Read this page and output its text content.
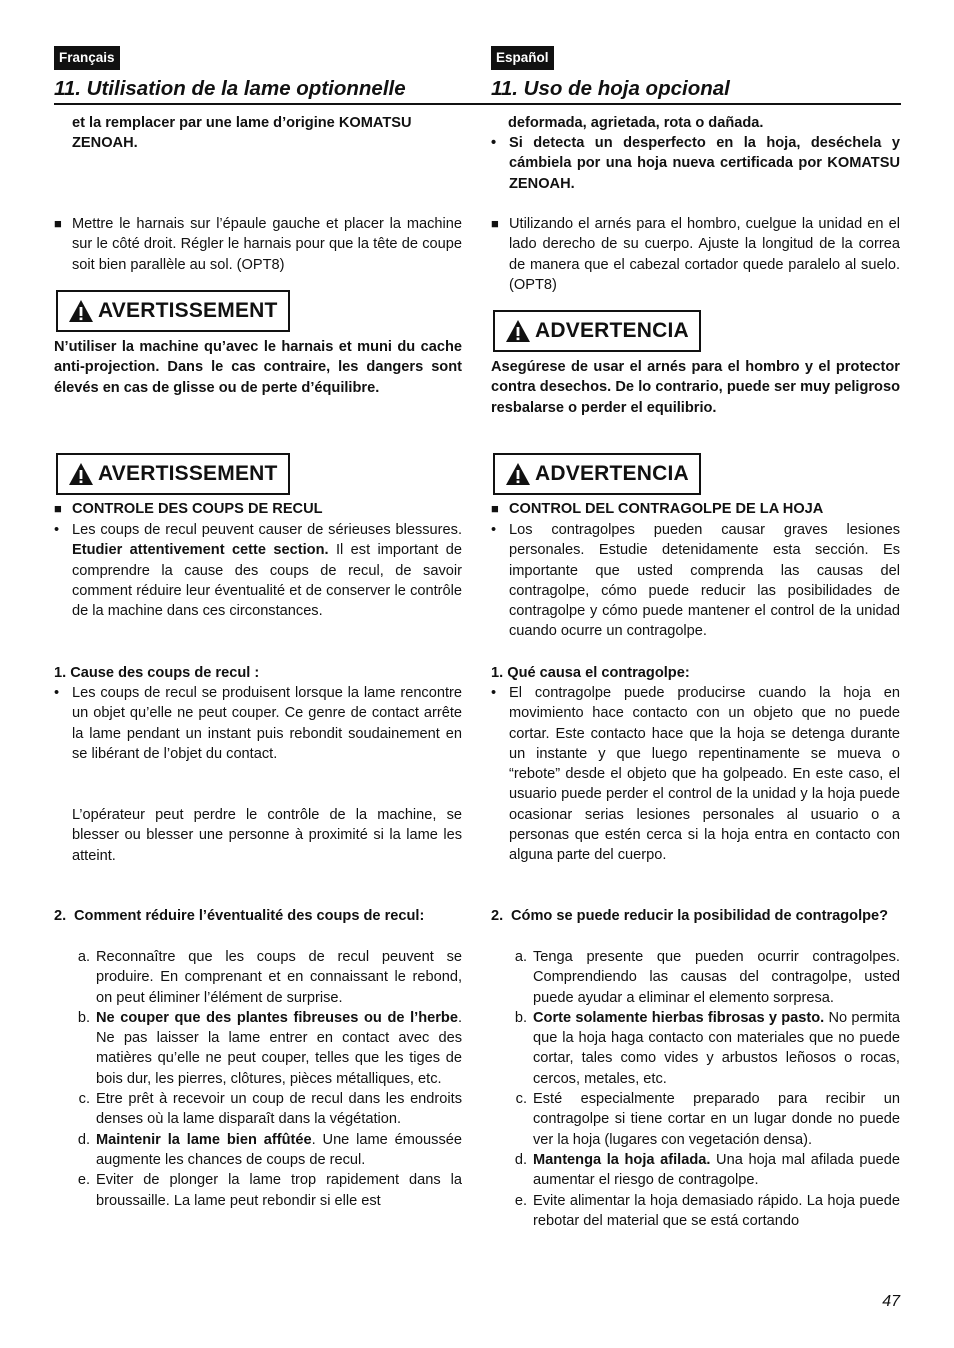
Français
11. Utilisation de la lame optionnelle
et la remplacer par une lame d’origine KOMATSU ZENOAH.
■ Mettre le harnais sur l’épaule gauche et placer la machine sur le côté droit. Régler le harnais pour que la tête de coupe soit bien parallèle au sol. (OPT8)
AVERTISSEMENT
N’utiliser la machine qu’avec le harnais et muni du cache anti-projection. Dans le cas contraire, les dangers sont élevés en cas de glisse ou de perte d’équilibre.
AVERTISSEMENT
■ CONTROLE DES COUPS DE RECUL
• Les coups de recul peuvent causer de sérieuses blessures. Etudier attentivement cette section. Il est important de comprendre la cause des coups de recul, de savoir comment réduire leur éventualité et de conserver le contrôle de la machine dans ces circonstances.
1. Cause des coups de recul :
• Les coups de recul se produisent lorsque la lame rencontre un objet qu’elle ne peut couper. Ce genre de contact arrête la lame pendant un instant puis rebondit soudainement en se libérant de l’objet du contact.
L’opérateur peut perdre le contrôle de la machine, se blesser ou blesser une personne à proximité si la lame les atteint.
2. Comment réduire l’éventualité des coups de recul:
a. Reconnaître que les coups de recul peuvent se produire. En comprenant et en connaissant le rebond, on peut éliminer l’élément de surprise.
b. Ne couper que des plantes fibreuses ou de l’herbe. Ne pas laisser la lame entrer en contact avec des matières qu’elle ne peut couper, telles que les tiges de bois dur, les pierres, clôtures, pièces métalliques, etc.
c. Etre prêt à recevoir un coup de recul dans les endroits denses où la lame disparaît dans la végétation.
d. Maintenir la lame bien affûtée. Une lame émoussée augmente les chances de coups de recul.
e. Eviter de plonger la lame trop rapidement dans la broussaille. La lame peut rebondir si elle est
Español
11. Uso de hoja opcional
deformada, agrietada, rota o dañada.
• Si detecta un desperfecto en la hoja, deséchela y cámbiela por una hoja nueva certificada por KOMATSU ZENOAH.
■ Utilizando el arnés para el hombro, cuelgue la unidad en el lado derecho de su cuerpo. Ajuste la longitud de la correa de manera que el cabezal cortador quede paralelo al suelo. (OPT8)
ADVERTENCIA
Asegúrese de usar el arnés para el hombro y el protector contra desechos. De lo contrario, puede ser muy peligroso resbalarse o perder el equilibrio.
ADVERTENCIA
■ CONTROL DEL CONTRAGOLPE DE LA HOJA
• Los contragolpes pueden causar graves lesiones personales. Estudie detenidamente esta sección. Es importante que usted comprenda las causas del contragolpe, cómo puede reducir las posibilidades de contragolpe y cómo puede mantener el control de la unidad cuando ocurre un contragolpe.
1. Qué causa el contragolpe:
• El contragolpe puede producirse cuando la hoja en movimiento hace contacto con un objeto que no puede cortar. Este contacto hace que la hoja se detenga durante un instante y que luego repentinamente se mueva o “rebote” desde el objeto que ha golpeado. En este caso, el usuario puede perder el control de la unidad y la hoja puede ocasionar serias lesiones personales al usuario o a personas que estén cerca si la hoja entra en contacto con alguna parte del cuerpo.
2. Cómo se puede reducir la posibilidad de contragolpe?
a. Tenga presente que pueden ocurrir contragolpes. Comprendiendo las causas del contragolpe, usted puede ayudar a eliminar el elemento sorpresa.
b. Corte solamente hierbas fibrosas y pasto. No permita que la hoja haga contacto con materiales que no puede cortar, tales como vides y arbustos leñosos o rocas, cercos, metales, etc.
c. Esté especialmente preparado para recibir un contragolpe si tiene cortar en un lugar donde no puede ver la hoja (lugares con vegetación densa).
d. Mantenga la hoja afilada. Una hoja mal afilada puede aumentar el riesgo de contragolpe.
e. Evite alimentar la hoja demasiado rápido. La hoja puede rebotar del material que se está cortando
47
